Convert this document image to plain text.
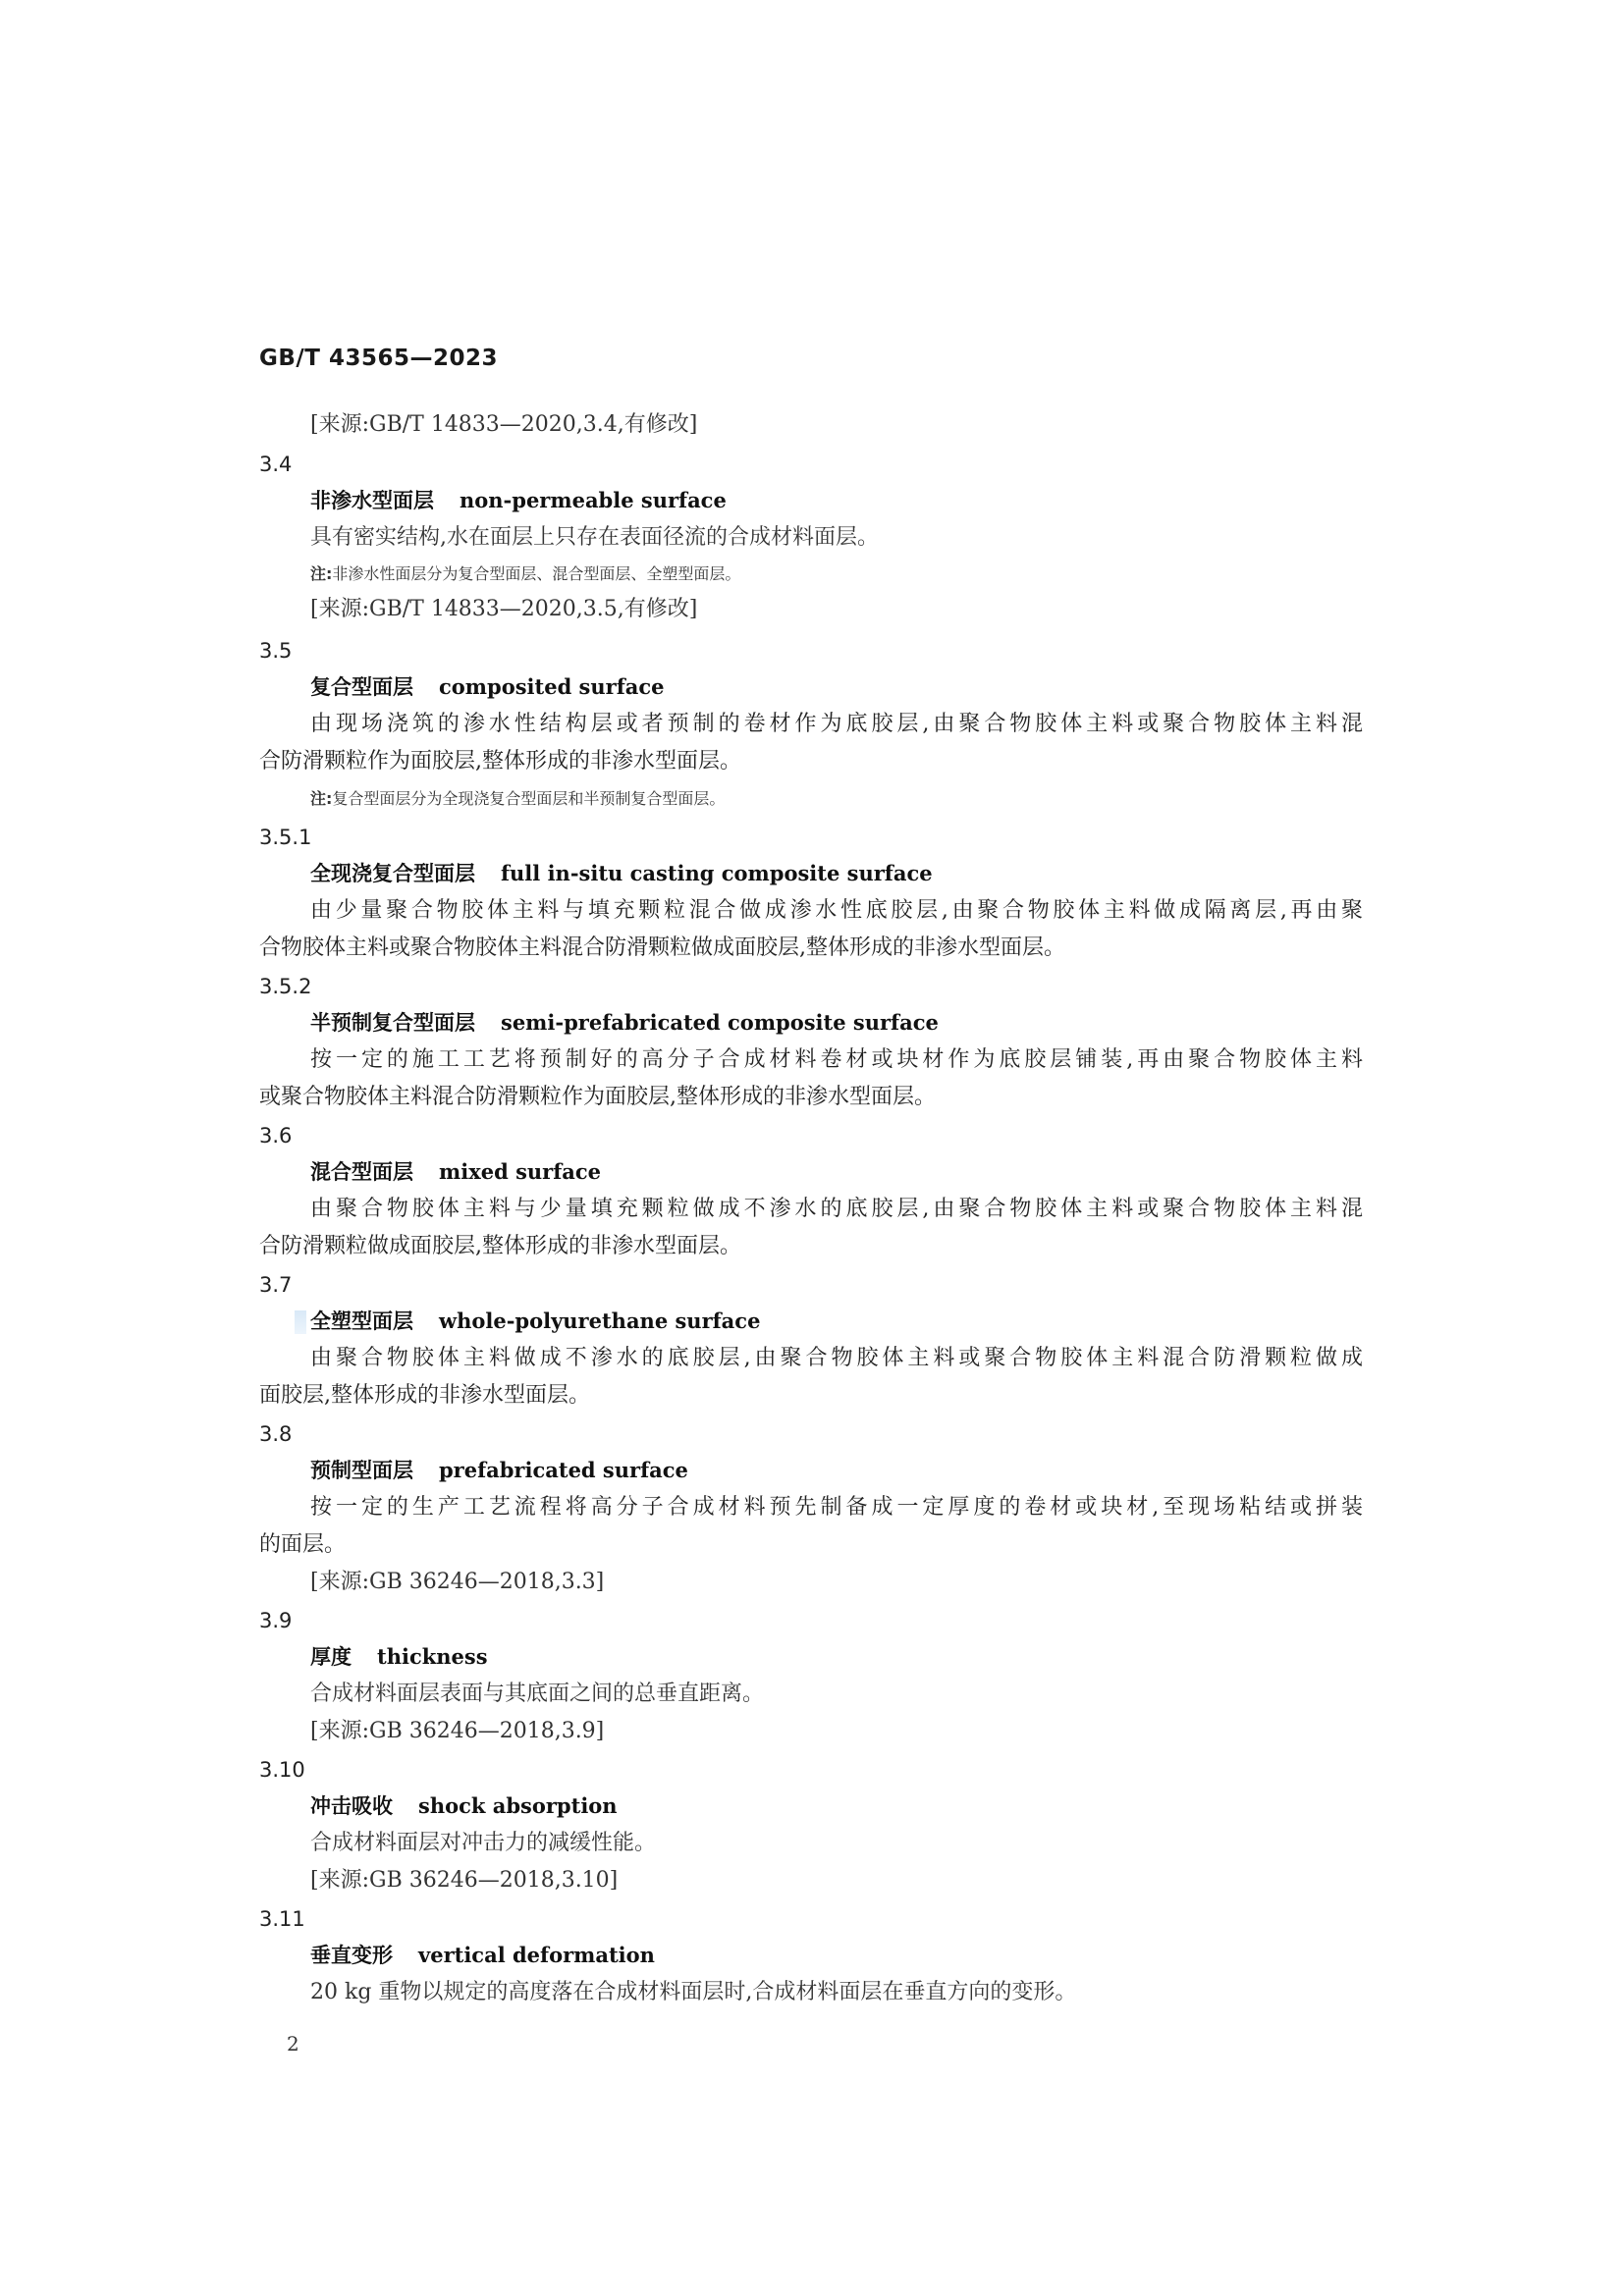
GB/T 43565—2023
[来源:GB/T 14833—2020,3.4,有修改]
3.4
非渗水型面层 non-permeable surface
具有密实结构,水在面层上只存在表面径流的合成材料面层。
注:非渗水性面层分为复合型面层、混合型面层、全塑型面层。
[来源:GB/T 14833—2020,3.5,有修改]
3.5
复合型面层 composited surface
由现场浇筑的渗水性结构层或者预制的卷材作为底胶层,由聚合物胶体主料或聚合物胶体主料混
合防滑颗粒作为面胶层,整体形成的非渗水型面层。
注:复合型面层分为全现浇复合型面层和半预制复合型面层。
3.5.1
全现浇复合型面层 full in-situ casting composite surface
由少量聚合物胶体主料与填充颗粒混合做成渗水性底胶层,由聚合物胶体主料做成隔离层,再由聚
合物胶体主料或聚合物胶体主料混合防滑颗粒做成面胶层,整体形成的非渗水型面层。
3.5.2
半预制复合型面层 semi-prefabricated composite surface
按一定的施工工艺将预制好的高分子合成材料卷材或块材作为底胶层铺装,再由聚合物胶体主料
或聚合物胶体主料混合防滑颗粒作为面胶层,整体形成的非渗水型面层。
3.6
混合型面层 mixed surface
由聚合物胶体主料与少量填充颗粒做成不渗水的底胶层,由聚合物胶体主料或聚合物胶体主料混
合防滑颗粒做成面胶层,整体形成的非渗水型面层。
3.7
全塑型面层 whole-polyurethane surface
由聚合物胶体主料做成不渗水的底胶层,由聚合物胶体主料或聚合物胶体主料混合防滑颗粒做成
面胶层,整体形成的非渗水型面层。
3.8
预制型面层 prefabricated surface
按一定的生产工艺流程将高分子合成材料预先制备成一定厚度的卷材或块材,至现场粘结或拼装
的面层。
[来源:GB 36246—2018,3.3]
3.9
厚度 thickness
合成材料面层表面与其底面之间的总垂直距离。
[来源:GB 36246—2018,3.9]
3.10
冲击吸收 shock absorption
合成材料面层对冲击力的减缓性能。
[来源:GB 36246—2018,3.10]
3.11
垂直变形 vertical deformation
20 kg 重物以规定的高度落在合成材料面层时,合成材料面层在垂直方向的变形。
2
